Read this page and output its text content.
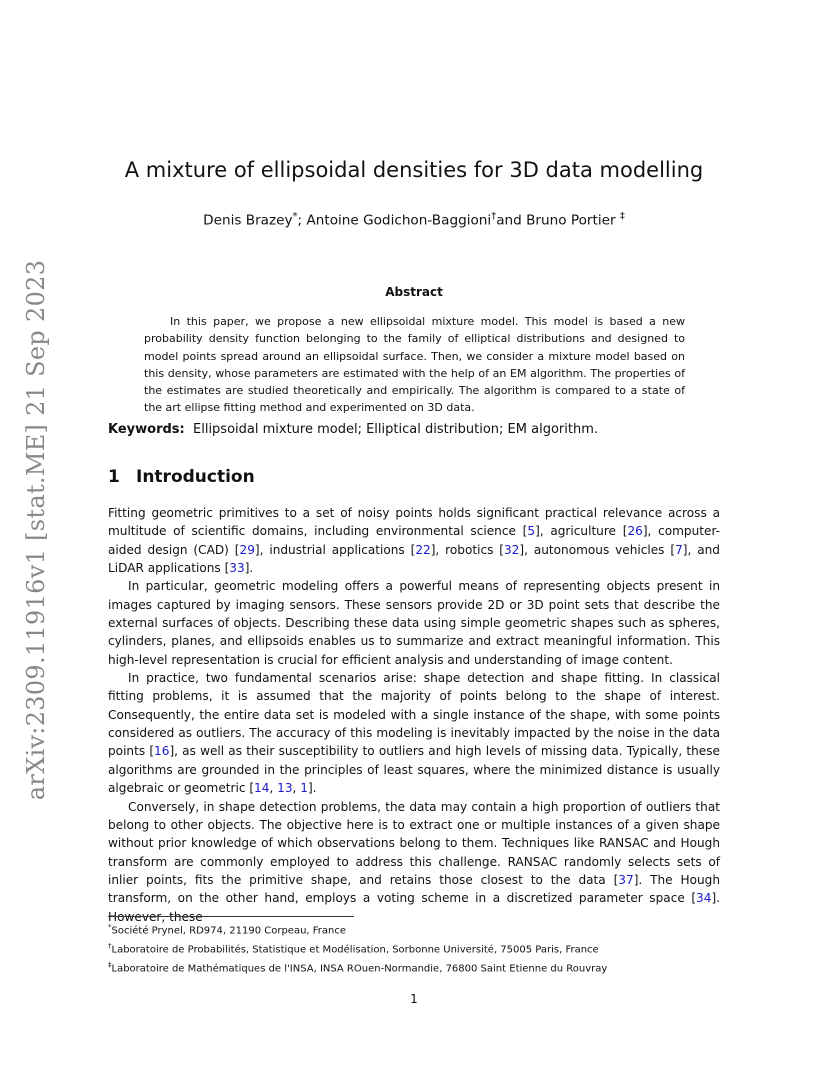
arXiv:2309.11916v1 [stat.ME] 21 Sep 2023
A mixture of ellipsoidal densities for 3D data modelling
Denis Brazey*; Antoine Godichon-Baggioni†and Bruno Portier ‡
Abstract

In this paper, we propose a new ellipsoidal mixture model. This model is based a new probability density function belonging to the family of elliptical distributions and designed to model points spread around an ellipsoidal surface. Then, we consider a mixture model based on this density, whose parameters are estimated with the help of an EM algorithm. The properties of the estimates are studied theoretically and empirically. The algorithm is compared to a state of the art ellipse fitting method and experimented on 3D data.

Keywords: Ellipsoidal mixture model; Elliptical distribution; EM algorithm.
1 Introduction

Fitting geometric primitives to a set of noisy points holds significant practical relevance across a multitude of scientific domains, including environmental science [5], agriculture [26], computer-aided design (CAD) [29], industrial applications [22], robotics [32], autonomous vehicles [7], and LiDAR applications [33].

In particular, geometric modeling offers a powerful means of representing objects present in images captured by imaging sensors. These sensors provide 2D or 3D point sets that describe the external surfaces of objects. Describing these data using simple geometric shapes such as spheres, cylinders, planes, and ellipsoids enables us to summarize and extract meaningful information. This high-level representation is crucial for efficient analysis and understanding of image content.

In practice, two fundamental scenarios arise: shape detection and shape fitting. In classical fitting problems, it is assumed that the majority of points belong to the shape of interest. Consequently, the entire data set is modeled with a single instance of the shape, with some points considered as outliers. The accuracy of this modeling is inevitably impacted by the noise in the data points [16], as well as their susceptibility to outliers and high levels of missing data. Typically, these algorithms are grounded in the principles of least squares, where the minimized distance is usually algebraic or geometric [14, 13, 1].

Conversely, in shape detection problems, the data may contain a high proportion of outliers that belong to other objects. The objective here is to extract one or multiple instances of a given shape without prior knowledge of which observations belong to them. Techniques like RANSAC and Hough transform are commonly employed to address this challenge. RANSAC randomly selects sets of inlier points, fits the primitive shape, and retains those closest to the data [37]. The Hough transform, on the other hand, employs a voting scheme in a discretized parameter space [34]. However, these

*Société Prynel, RD974, 21190 Corpeau, France
†Laboratoire de Probabilités, Statistique et Modélisation, Sorbonne Université, 75005 Paris, France
‡Laboratoire de Mathématiques de l'INSA, INSA ROuen-Normandie, 76800 Saint Etienne du Rouvray
1
